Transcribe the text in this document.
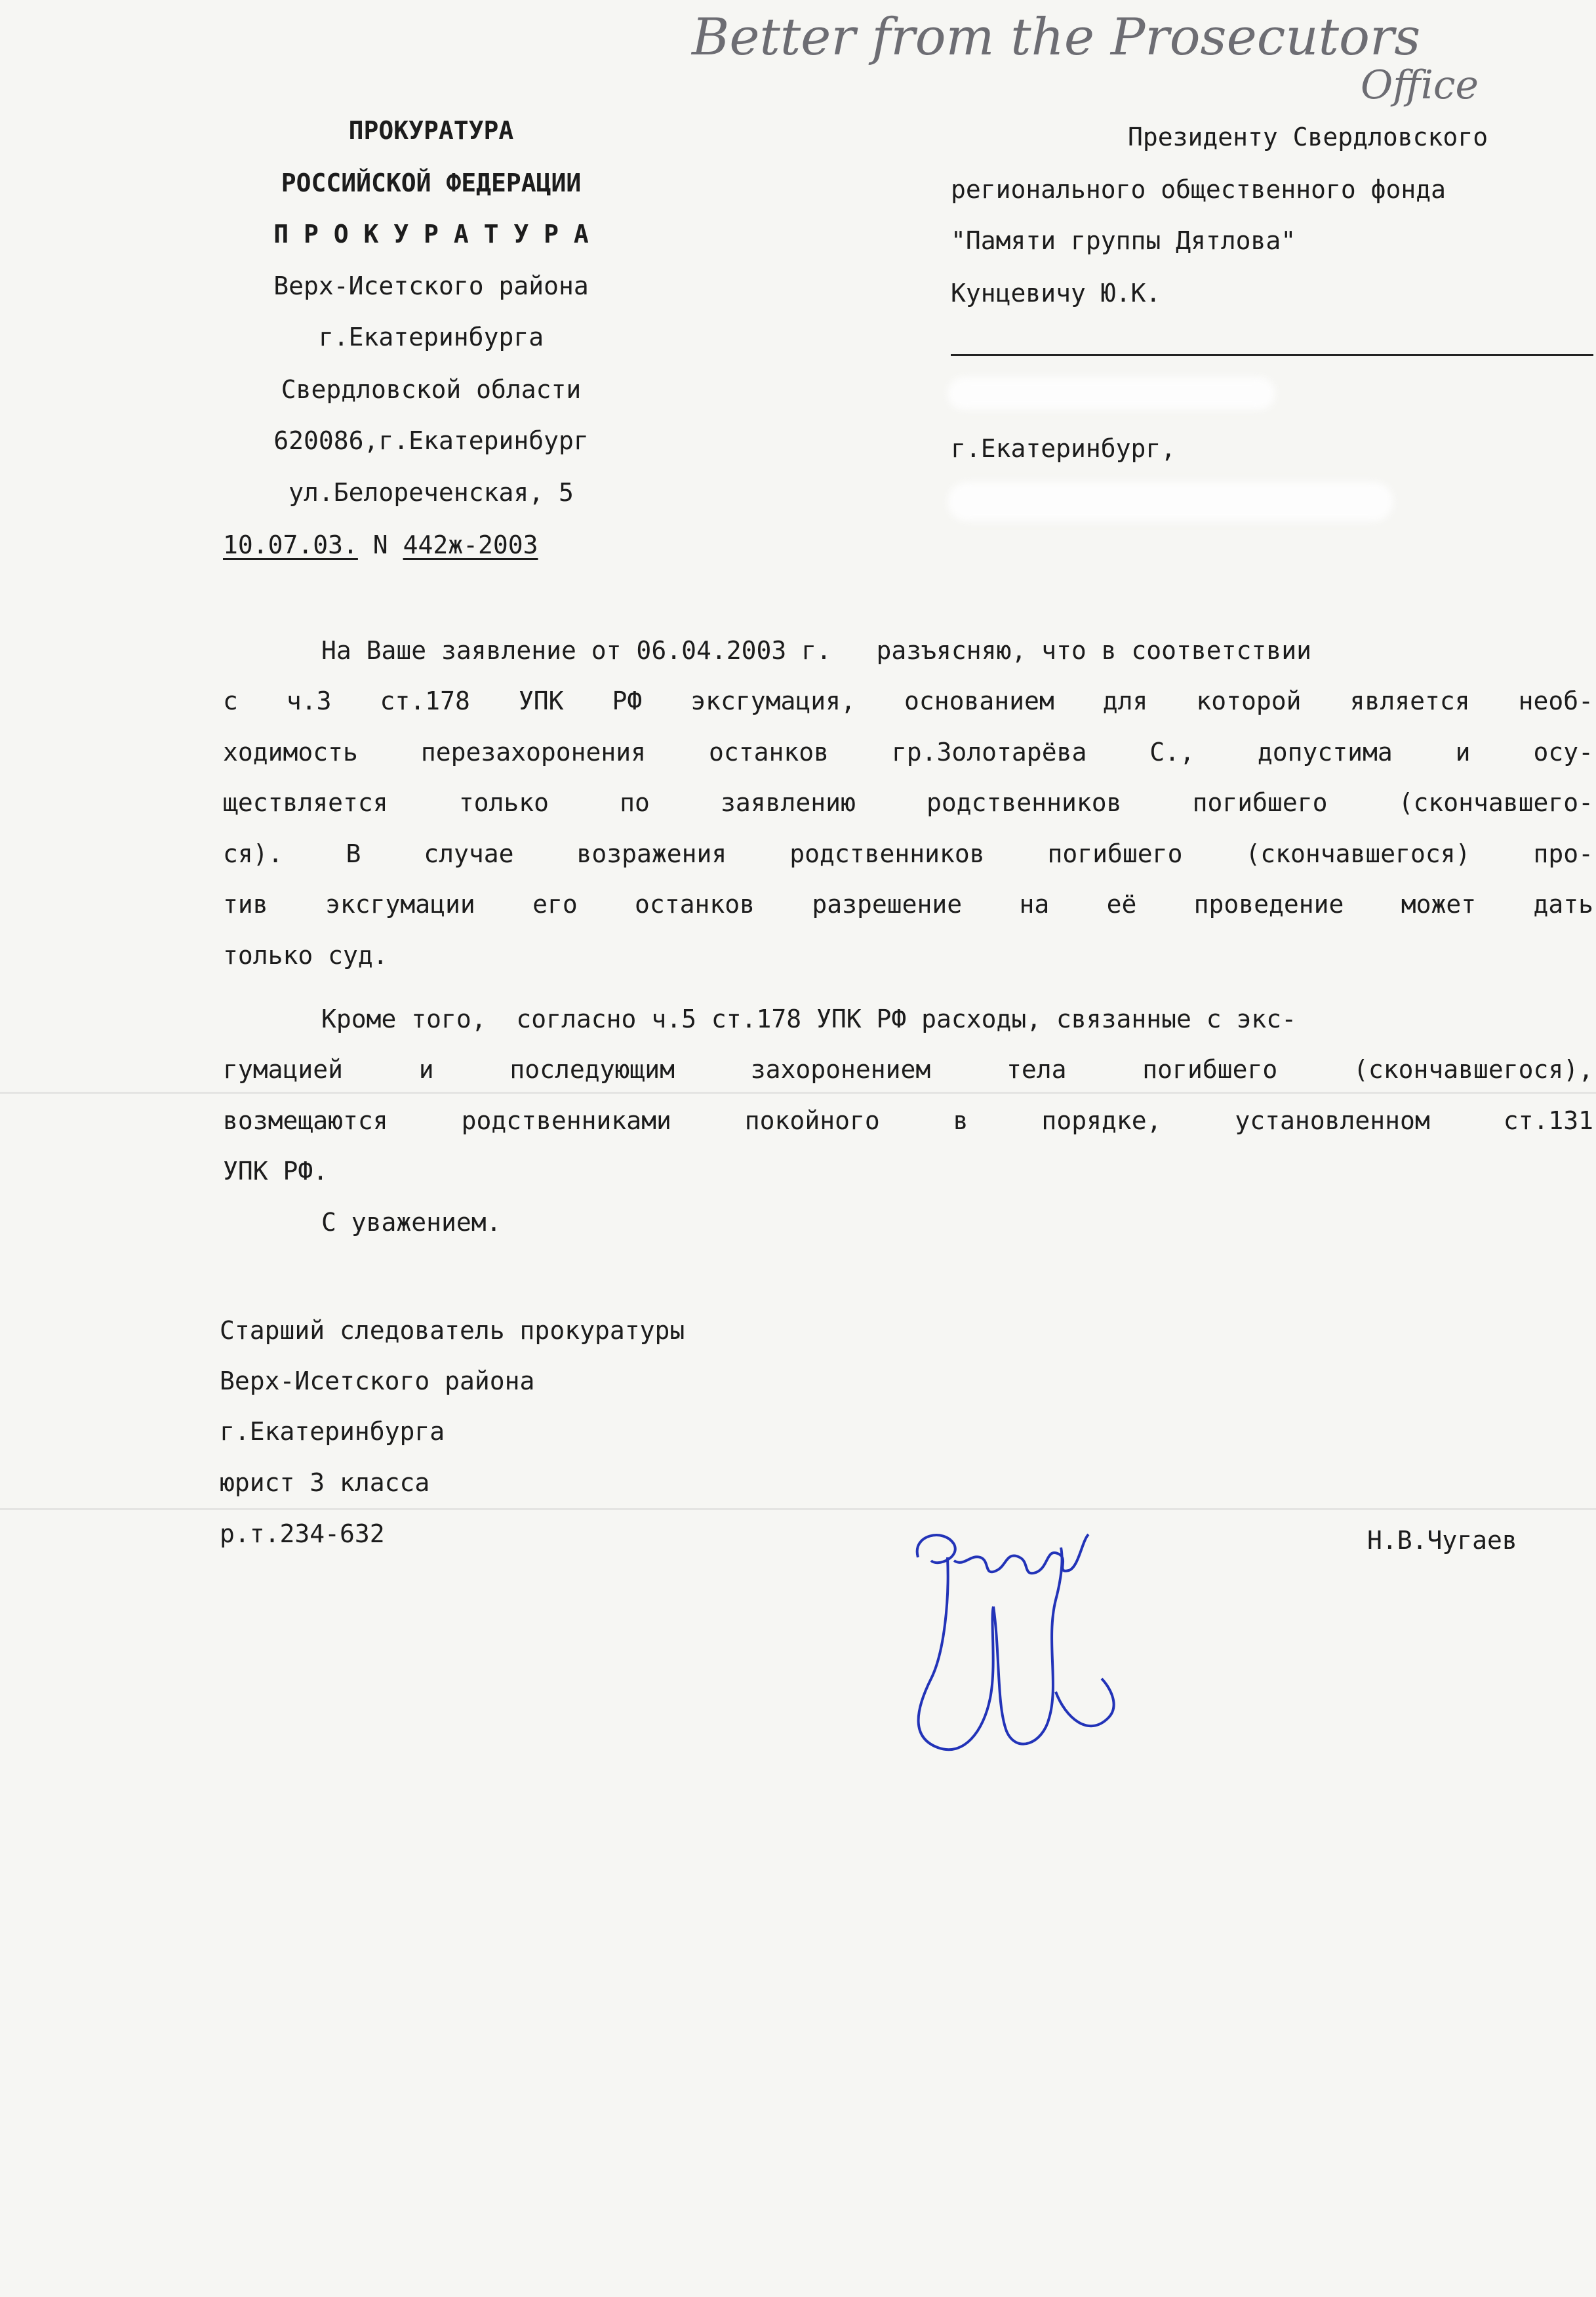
Better from the Prosecutors
Office
ПРОКУРАТУРА
РОССИЙСКОЙ ФЕДЕРАЦИИ
П Р О К У Р А Т У Р А
Верх-Исетского района
г.Екатеринбурга
Свердловской области
620086,г.Екатеринбург
ул.Белореченская, 5
10.07.03. N 442ж-2003
Президенту Свердловского
регионального общественного фонда
"Памяти группы Дятлова"
Кунцевичу Ю.К.
г.Екатеринбург,
На Ваше заявление от 06.04.2003 г.   разъясняю, что в соответствии
с ч.3 ст.178 УПК РФ эксгумация, основанием для которой является необ-
ходимость перезахоронения останков гр.Золотарёва С., допустима и осу-
ществляется только по заявлению родственников погибшего (скончавшего-
ся). В случае возражения родственников погибшего (скончавшегося) про-
тив эксгумации его останков разрешение на её проведение может дать
только суд.
Кроме того,  согласно ч.5 ст.178 УПК РФ расходы, связанные с экс-
гумацией и последующим захоронением тела погибшего (скончавшегося),
возмещаются родственниками покойного в порядке, установленном ст.131
УПК РФ.
С уважением.
Старший следователь прокуратуры
Верх-Исетского района
г.Екатеринбурга
юрист 3 класса
р.т.234-632	Н.В.Чугаев
